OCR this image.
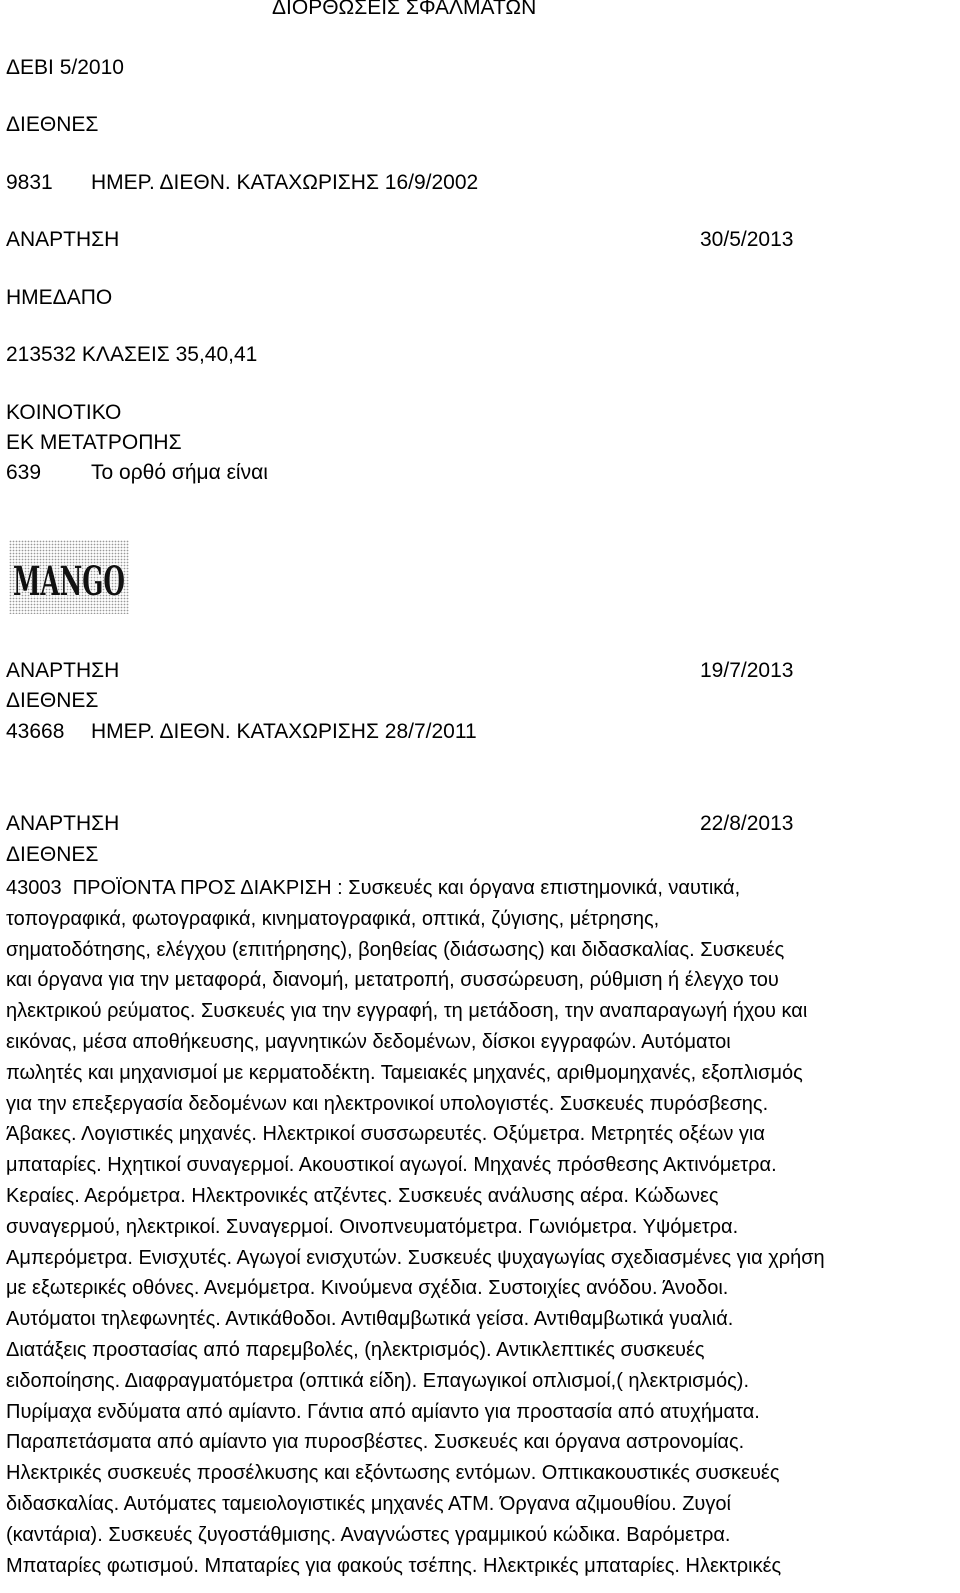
ΔΙΟΡΘΩΣΕΙΣ ΣΦΑΛΜΑΤΩΝ
ΔΕΒΙ 5/2010
ΔΙΕΘΝΕΣ
9831 ΗΜΕΡ. ΔΙΕΘΝ. ΚΑΤΑΧΩΡΙΣΗΣ 16/9/2002
ΑΝΑΡΤΗΣΗ	30/5/2013
ΗΜΕΔΑΠΟ
213532 ΚΛΑΣΕΙΣ 35,40,41
ΚΟΙΝΟΤΙΚΟ
ΕΚ ΜΕΤΑΤΡΟΠΗΣ
639 Το ορθό σήμα είναι
MANGO
ΑΝΑΡΤΗΣΗ	19/7/2013
ΔΙΕΘΝΕΣ
43668 ΗΜΕΡ. ΔΙΕΘΝ. ΚΑΤΑΧΩΡΙΣΗΣ 28/7/2011
ΑΝΑΡΤΗΣΗ	22/8/2013
ΔΙΕΘΝΕΣ
43003  ΠΡΟΪΟΝΤΑ ΠΡΟΣ ΔΙΑΚΡΙΣΗ : Συσκευές και όργανα επιστημονικά, ναυτικά,
τοπογραφικά, φωτογραφικά, κινηματογραφικά, οπτικά, ζύγισης, μέτρησης,
σηματοδότησης, ελέγχου (επιτήρησης), βοηθείας (διάσωσης) και διδασκαλίας. Συσκευές
και όργανα για την μεταφορά, διανομή, μετατροπή, συσσώρευση, ρύθμιση ή έλεγχο του
ηλεκτρικού ρεύματος. Συσκευές για την εγγραφή, τη μετάδοση, την αναπαραγωγή ήχου και
εικόνας, μέσα αποθήκευσης, μαγνητικών δεδομένων, δίσκοι εγγραφών. Αυτόματοι
πωλητές και μηχανισμοί με κερματοδέκτη. Ταμειακές μηχανές, αριθμομηχανές, εξοπλισμός
για την επεξεργασία δεδομένων και ηλεκτρονικοί υπολογιστές. Συσκευές πυρόσβεσης.
Άβακες. Λογιστικές μηχανές. Ηλεκτρικοί συσσωρευτές. Οξύμετρα. Μετρητές οξέων για
μπαταρίες. Ηχητικοί συναγερμοί. Ακουστικοί αγωγοί. Μηχανές πρόσθεσης Ακτινόμετρα.
Κεραίες. Αερόμετρα. Ηλεκτρονικές ατζέντες. Συσκευές ανάλυσης αέρα. Κώδωνες
συναγερμού, ηλεκτρικοί. Συναγερμοί. Οινοπνευματόμετρα. Γωνιόμετρα. Υψόμετρα.
Αμπερόμετρα. Ενισχυτές. Αγωγοί ενισχυτών. Συσκευές ψυχαγωγίας σχεδιασμένες για χρήση
με εξωτερικές οθόνες. Ανεμόμετρα. Κινούμενα σχέδια. Συστοιχίες ανόδου. Άνοδοι.
Αυτόματοι τηλεφωνητές. Αντικάθοδοι. Αντιθαμβωτικά γείσα. Αντιθαμβωτικά γυαλιά.
Διατάξεις προστασίας από παρεμβολές, (ηλεκτρισμός). Αντικλεπτικές συσκευές
ειδοποίησης. Διαφραγματόμετρα (οπτικά είδη). Επαγωγικοί οπλισμοί,( ηλεκτρισμός).
Πυρίμαχα ενδύματα από αμίαντο. Γάντια από αμίαντο για προστασία από ατυχήματα.
Παραπετάσματα από αμίαντο για πυροσβέστες. Συσκευές και όργανα αστρονομίας.
Ηλεκτρικές συσκευές προσέλκυσης και εξόντωσης εντόμων. Οπτικακουστικές συσκευές
διδασκαλίας. Αυτόματες ταμειολογιστικές μηχανές ΑΤΜ. Όργανα αζιμουθίου. Ζυγοί
(καντάρια). Συσκευές ζυγοστάθμισης. Αναγνώστες γραμμικού κώδικα. Βαρόμετρα.
Μπαταρίες φωτισμού. Μπαταρίες για φακούς τσέπης. Ηλεκτρικές μπαταρίες. Ηλεκτρικές
